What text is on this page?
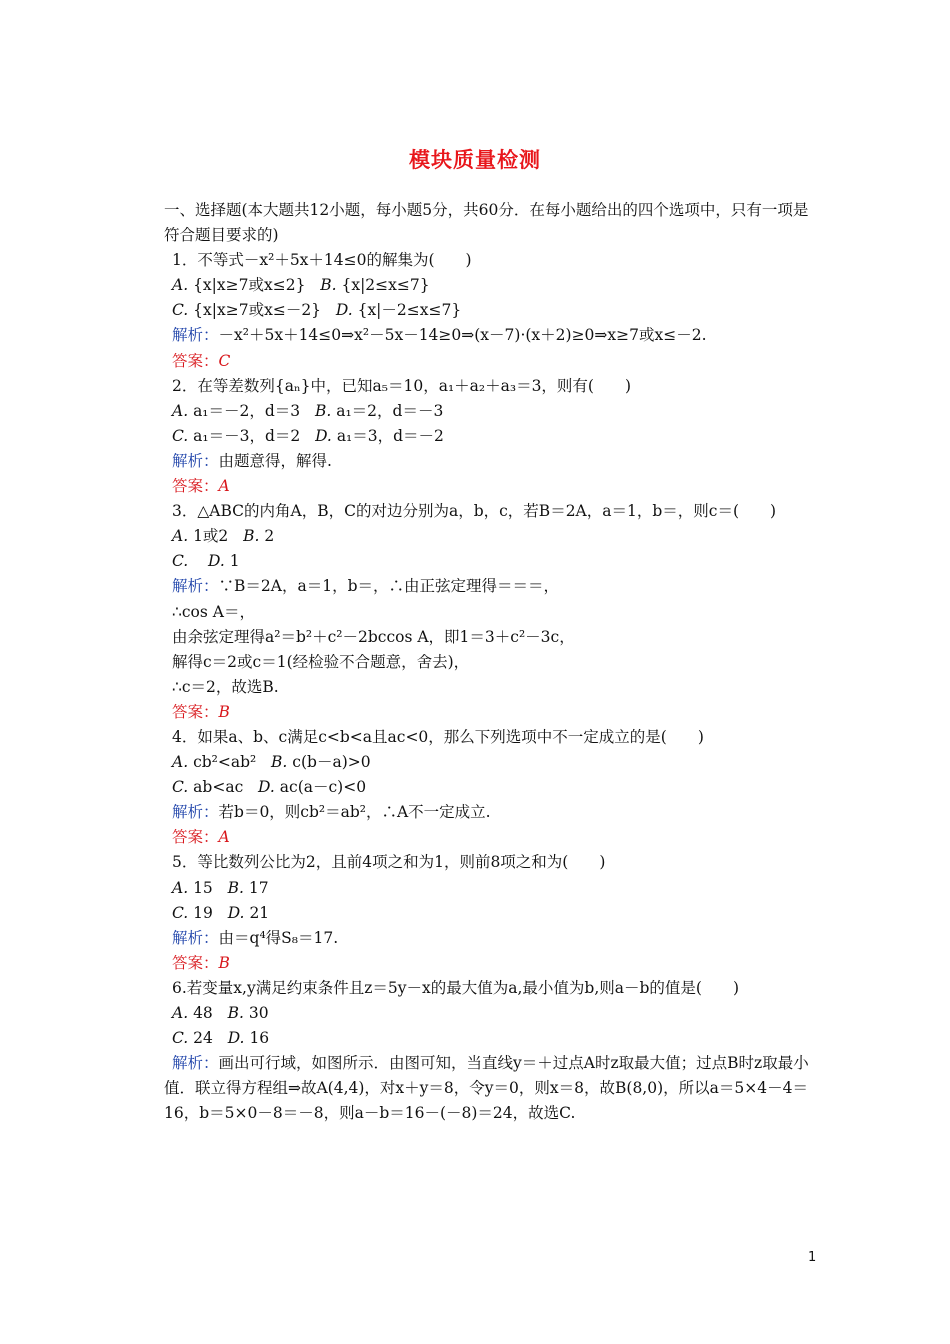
模块质量检测
一、选择题(本大题共12小题，每小题5分，共60分．在每小题给出的四个选项中，只有一项是符合题目要求的)
1．不等式－x²＋5x＋14≤0的解集为(　　)
A. {x|x≥7或x≤2} B. {x|2≤x≤7}
C. {x|x≥7或x≤－2} D. {x|－2≤x≤7}
解析：－x²＋5x＋14≤0⇒x²－5x－14≥0⇒(x－7)·(x＋2)≥0⇒x≥7或x≤－2.
答案：C
2．在等差数列{aₙ}中，已知a₅＝10，a₁＋a₂＋a₃＝3，则有(　　)
A. a₁＝－2，d＝3 B. a₁＝2，d＝－3
C. a₁＝－3，d＝2 D. a₁＝3，d＝－2
解析：由题意得，解得.
答案：A
3．△ABC的内角A，B，C的对边分别为a，b，c，若B＝2A，a＝1，b＝，则c＝(　　)
A. 1或2 B. 2
C. D. 1
解析：∵B＝2A，a＝1，b＝，∴由正弦定理得＝＝＝，
∴cos A＝，
由余弦定理得a²＝b²＋c²－2bccos A，即1＝3＋c²－3c，
解得c＝2或c＝1(经检验不合题意，舍去)，
∴c＝2，故选B.
答案：B
4．如果a、b、c满足c<b<a且ac<0，那么下列选项中不一定成立的是(　　)
A. cb²<ab² B. c(b－a)>0
C. ab<ac D. ac(a－c)<0
解析：若b＝0，则cb²＝ab²，∴A不一定成立.
答案：A
5．等比数列公比为2，且前4项之和为1，则前8项之和为(　　)
A. 15 B. 17
C. 19 D. 21
解析：由＝q⁴得S₈＝17.
答案：B
6.若变量x,y满足约束条件且z＝5y－x的最大值为a,最小值为b,则a－b的值是(　　)
A. 48 B. 30
C. 24 D. 16
解析：画出可行域，如图所示．由图可知，当直线y＝＋过点A时z取最大值；过点B时z取最小值．联立得方程组⇒故A(4,4)，对x＋y＝8，令y＝0，则x＝8，故B(8,0)，所以a＝5×4－4＝16，b＝5×0－8＝－8，则a－b＝16－(－8)＝24，故选C.
1
